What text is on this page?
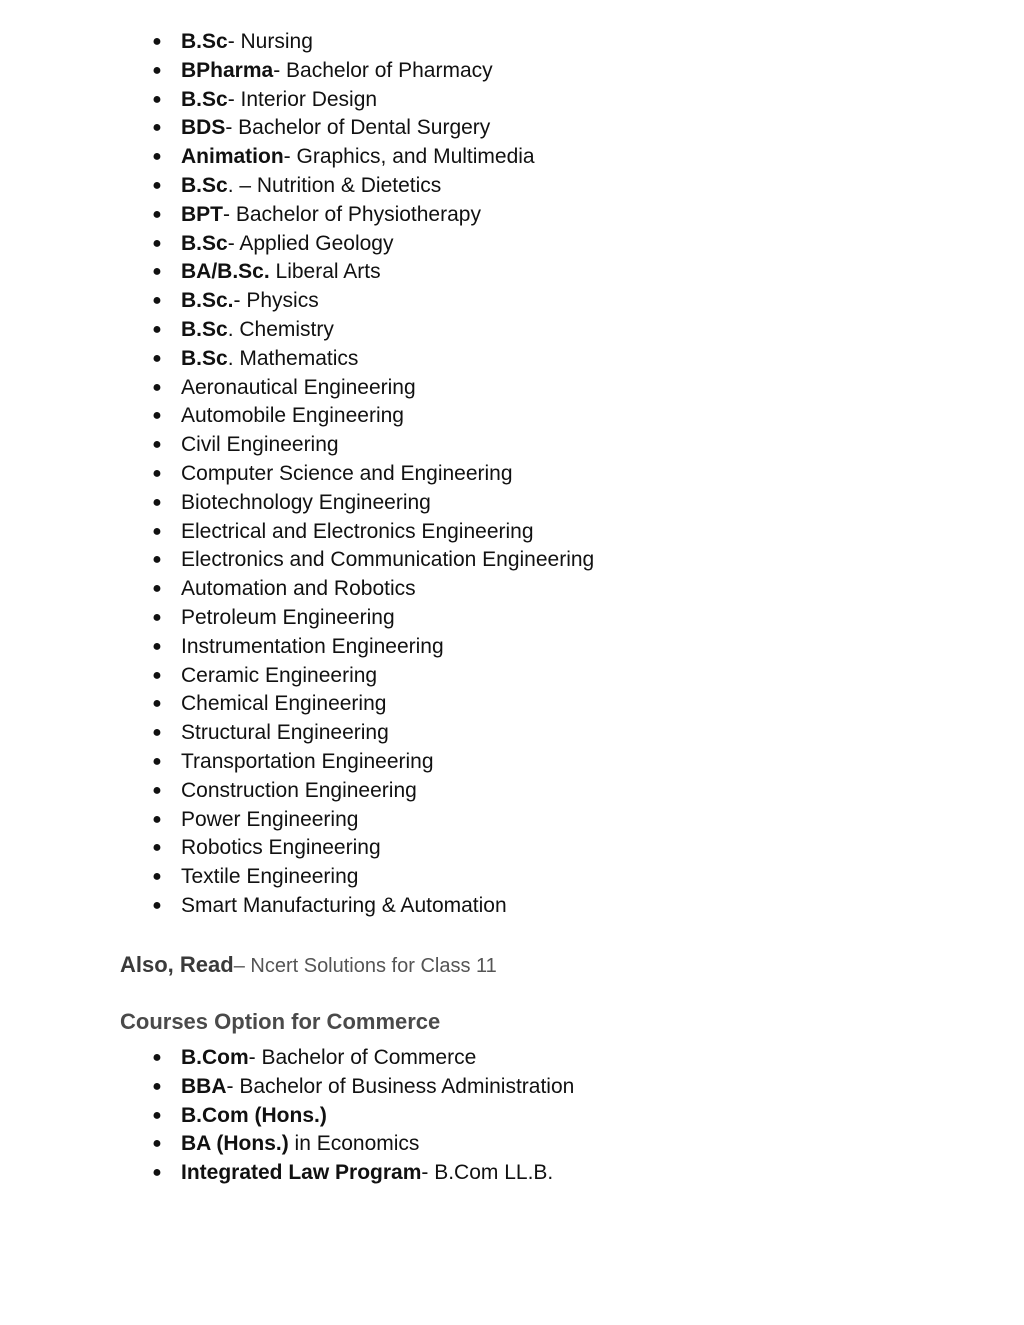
● B.Sc- Nursing
● BPharma- Bachelor of Pharmacy
● B.Sc- Interior Design
● BDS- Bachelor of Dental Surgery
● Animation- Graphics, and Multimedia
● B.Sc. – Nutrition & Dietetics
● BPT- Bachelor of Physiotherapy
● B.Sc- Applied Geology
● BA/B.Sc. Liberal Arts
● B.Sc.- Physics
● B.Sc. Chemistry
● B.Sc. Mathematics
● Aeronautical Engineering
● Automobile Engineering
● Civil Engineering
● Computer Science and Engineering
● Biotechnology Engineering
● Electrical and Electronics Engineering
● Electronics and Communication Engineering
● Automation and Robotics
● Petroleum Engineering
● Instrumentation Engineering
● Ceramic Engineering
● Chemical Engineering
● Structural Engineering
● Transportation Engineering
● Construction Engineering
● Power Engineering
● Robotics Engineering
● Textile Engineering
● Smart Manufacturing & Automation
Also, Read– Ncert Solutions for Class 11
Courses Option for Commerce
● B.Com- Bachelor of Commerce
● BBA- Bachelor of Business Administration
● B.Com (Hons.)
● BA (Hons.) in Economics
● Integrated Law Program- B.Com LL.B.
